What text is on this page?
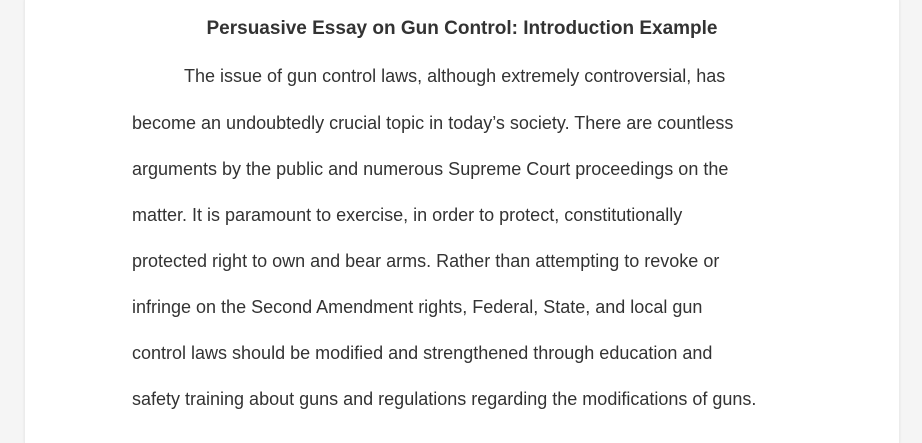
Persuasive Essay on Gun Control: Introduction Example

The issue of gun control laws, although extremely controversial, has

become an undoubtedly crucial topic in today’s society. There are countless

arguments by the public and numerous Supreme Court proceedings on the

matter. It is paramount to exercise, in order to protect, constitutionally

protected right to own and bear arms. Rather than attempting to revoke or

infringe on the Second Amendment rights, Federal, State, and local gun

control laws should be modified and strengthened through education and

safety training about guns and regulations regarding the modifications of guns.
